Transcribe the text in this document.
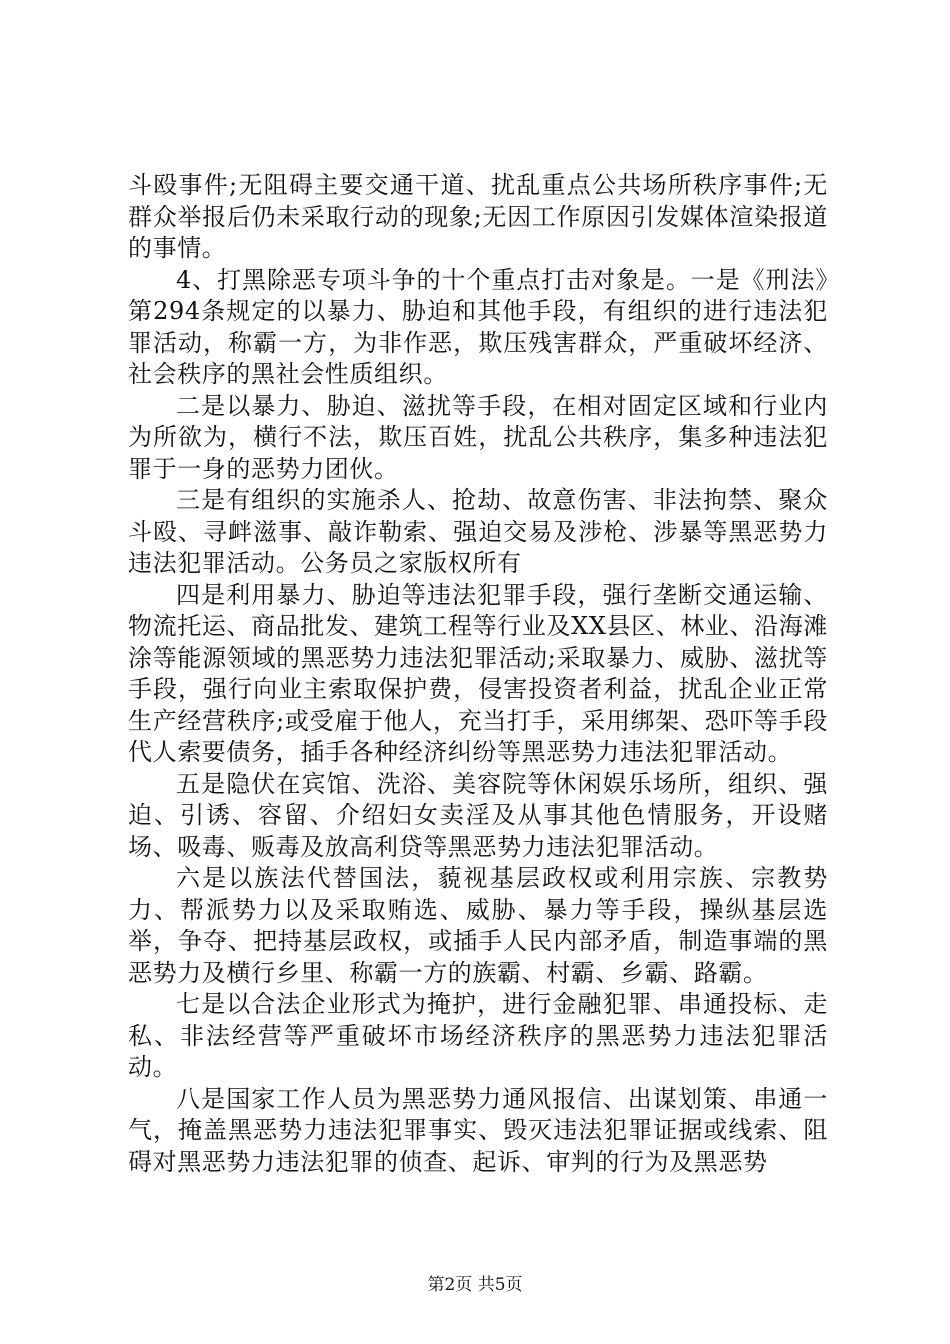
斗殴事件;无阻碍主要交通干道、扰乱重点公共场所秩序事件;无群众举报后仍未采取行动的现象;无因工作原因引发媒体渲染报道的事情。

4、打黑除恶专项斗争的十个重点打击对象是。一是《刑法》第294条规定的以暴力、胁迫和其他手段，有组织的进行违法犯罪活动，称霸一方，为非作恶，欺压残害群众，严重破坏经济、社会秩序的黑社会性质组织。

二是以暴力、胁迫、滋扰等手段，在相对固定区域和行业内为所欲为，横行不法，欺压百姓，扰乱公共秩序，集多种违法犯罪于一身的恶势力团伙。

三是有组织的实施杀人、抢劫、故意伤害、非法拘禁、聚众斗殴、寻衅滋事、敲诈勒索、强迫交易及涉枪、涉暴等黑恶势力违法犯罪活动。公务员之家版权所有

四是利用暴力、胁迫等违法犯罪手段，强行垄断交通运输、物流托运、商品批发、建筑工程等行业及XX县区、林业、沿海滩涂等能源领域的黑恶势力违法犯罪活动;采取暴力、威胁、滋扰等手段，强行向业主索取保护费，侵害投资者利益，扰乱企业正常生产经营秩序;或受雇于他人，充当打手，采用绑架、恐吓等手段代人索要债务，插手各种经济纠纷等黑恶势力违法犯罪活动。

五是隐伏在宾馆、洗浴、美容院等休闲娱乐场所，组织、强迫、引诱、容留、介绍妇女卖淫及从事其他色情服务，开设赌场、吸毒、贩毒及放高利贷等黑恶势力违法犯罪活动。

六是以族法代替国法，藐视基层政权或利用宗族、宗教势力、帮派势力以及采取贿选、威胁、暴力等手段，操纵基层选举，争夺、把持基层政权，或插手人民内部矛盾，制造事端的黑恶势力及横行乡里、称霸一方的族霸、村霸、乡霸、路霸。

七是以合法企业形式为掩护，进行金融犯罪、串通投标、走私、非法经营等严重破坏市场经济秩序的黑恶势力违法犯罪活动。

八是国家工作人员为黑恶势力通风报信、出谋划策、串通一气，掩盖黑恶势力违法犯罪事实、毁灭违法犯罪证据或线索、阻碍对黑恶势力违法犯罪的侦查、起诉、审判的行为及黑恶势

第2页 共5页
